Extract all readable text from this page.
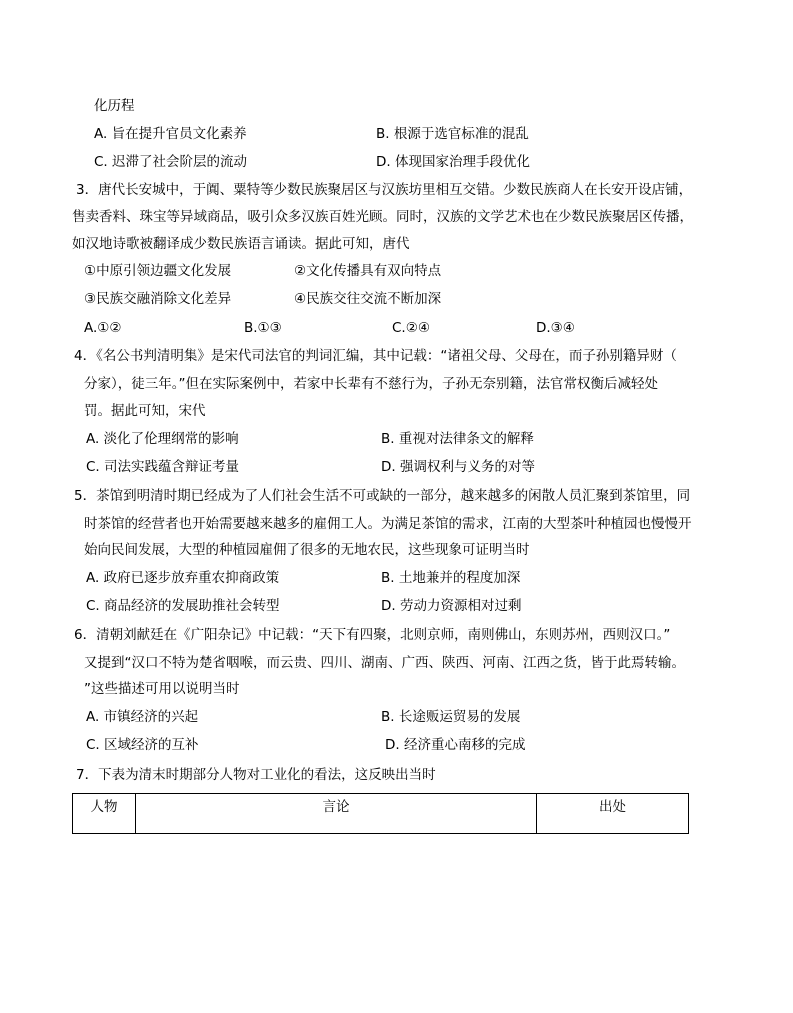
化历程
A. 旨在提升官员文化素养	B. 根源于选官标准的混乱
C. 迟滞了社会阶层的流动	D. 体现国家治理手段优化
3．唐代长安城中，于阗、粟特等少数民族聚居区与汉族坊里相互交错。少数民族商人在长安开设店铺，
售卖香料、珠宝等异域商品，吸引众多汉族百姓光顾。同时，汉族的文学艺术也在少数民族聚居区传播，
如汉地诗歌被翻译成少数民族语言诵读。据此可知，唐代
①中原引领边疆文化发展	②文化传播具有双向特点
③民族交融消除文化差异	④民族交往交流不断加深
A.①②	B.①③	C.②④	D.③④
4．《名公书判清明集》是宋代司法官的判词汇编，其中记载：“诸祖父母、父母在，而子孙别籍异财（
分家），徒三年。”但在实际案例中，若家中长辈有不慈行为，子孙无奈别籍，法官常权衡后减轻处
罚。据此可知，宋代
A. 淡化了伦理纲常的影响	B. 重视对法律条文的解释
C. 司法实践蕴含辩证考量	D. 强调权利与义务的对等
5．茶馆到明清时期已经成为了人们社会生活不可或缺的一部分，越来越多的闲散人员汇聚到茶馆里，同
时茶馆的经营者也开始需要越来越多的雇佣工人。为满足茶馆的需求，江南的大型茶叶种植园也慢慢开
始向民间发展，大型的种植园雇佣了很多的无地农民，这些现象可证明当时
A. 政府已逐步放弃重农抑商政策	B. 土地兼并的程度加深
C. 商品经济的发展助推社会转型	D. 劳动力资源相对过剩
6．清朝刘献廷在《广阳杂记》中记载：“天下有四聚，北则京师，南则佛山，东则苏州，西则汉口。”
又提到“汉口不特为楚省咽喉，而云贵、四川、湖南、广西、陕西、河南、江西之货，皆于此焉转输。
”这些描述可用以说明当时
A. 市镇经济的兴起	B. 长途贩运贸易的发展
C. 区域经济的互补	D. 经济重心南移的完成
7．下表为清末时期部分人物对工业化的看法，这反映出当时
人物	言论	出处
